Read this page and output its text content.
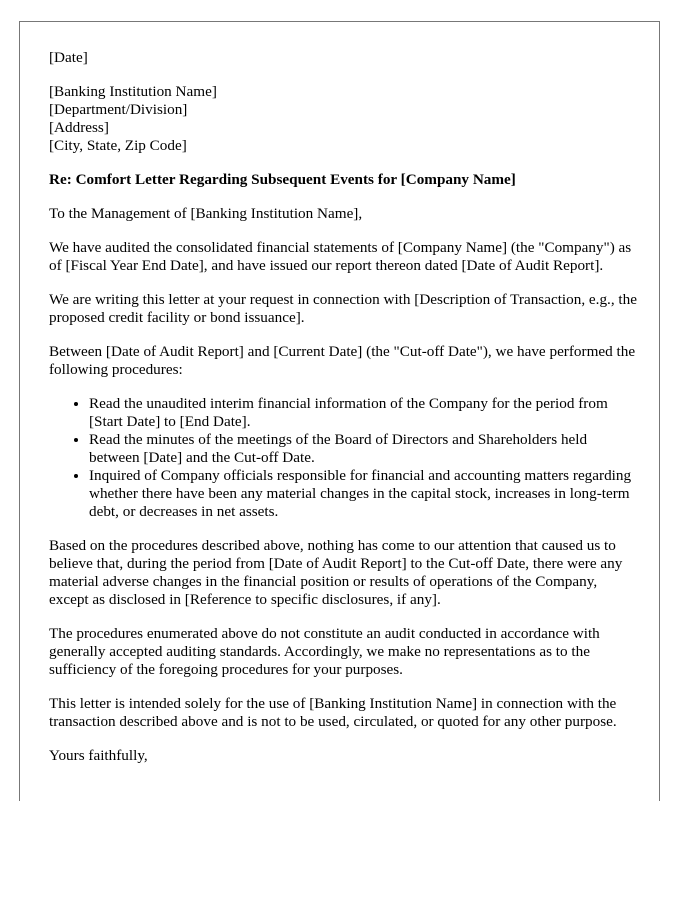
[Date]
[Banking Institution Name]
[Department/Division]
[Address]
[City, State, Zip Code]

Re: Comfort Letter Regarding Subsequent Events for [Company Name]

To the Management of [Banking Institution Name],

We have audited the consolidated financial statements of [Company Name] (the "Company") as of [Fiscal Year End Date], and have issued our report thereon dated [Date of Audit Report].

We are writing this letter at your request in connection with [Description of Transaction, e.g., the proposed credit facility or bond issuance].

Between [Date of Audit Report] and [Current Date] (the "Cut-off Date"), we have performed the following procedures:

• Read the unaudited interim financial information of the Company for the period from [Start Date] to [End Date].
• Read the minutes of the meetings of the Board of Directors and Shareholders held between [Date] and the Cut-off Date.
• Inquired of Company officials responsible for financial and accounting matters regarding whether there have been any material changes in the capital stock, increases in long-term debt, or decreases in net assets.

Based on the procedures described above, nothing has come to our attention that caused us to believe that, during the period from [Date of Audit Report] to the Cut-off Date, there were any material adverse changes in the financial position or results of operations of the Company, except as disclosed in [Reference to specific disclosures, if any].

The procedures enumerated above do not constitute an audit conducted in accordance with generally accepted auditing standards. Accordingly, we make no representations as to the sufficiency of the foregoing procedures for your purposes.

This letter is intended solely for the use of [Banking Institution Name] in connection with the transaction described above and is not to be used, circulated, or quoted for any other purpose.

Yours faithfully,
